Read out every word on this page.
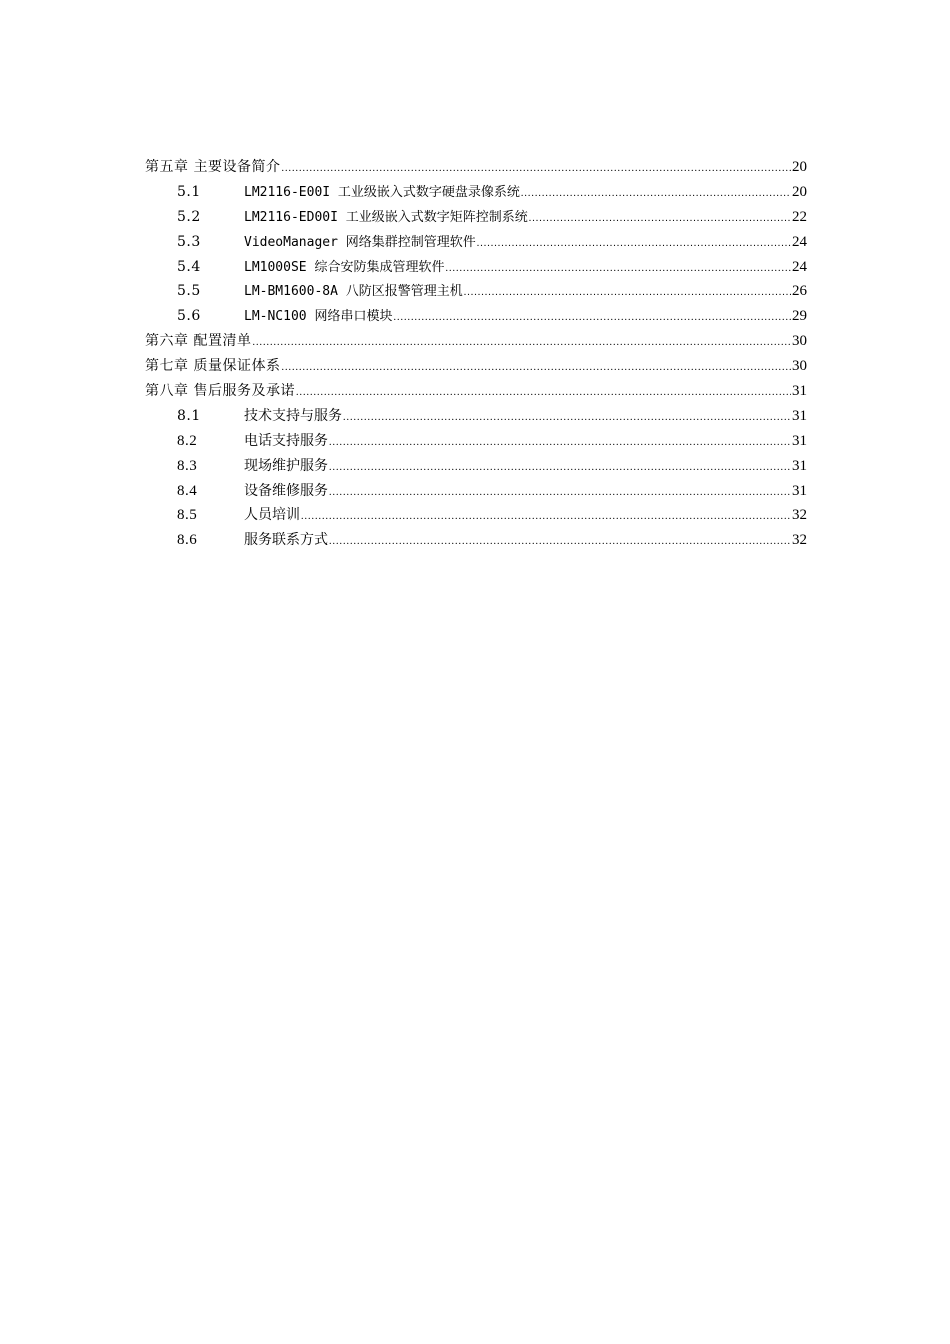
第五章 主要设备简介 .....	20
5.1	LM2116-E00I 工业级嵌入式数字硬盘录像系统 .....	20
5.2	LM2116-ED00I 工业级嵌入式数字矩阵控制系统 .....	22
5.3	VideoManager 网络集群控制管理软件 .....	24
5.4	LM1000SE 综合安防集成管理软件 .....	24
5.5	LM-BM1600-8A 八防区报警管理主机 .....	26
5.6	LM-NC100 网络串口模块 .....	29
第六章 配置清单 .....	30
第七章 质量保证体系 .....	30
第八章 售后服务及承诺 .....	31
8.1	技术支持与服务 .....	31
8.2	电话支持服务 .....	31
8.3	现场维护服务 .....	31
8.4	设备维修服务 .....	31
8.5	人员培训 .....	32
8.6	服务联系方式 .....	32
